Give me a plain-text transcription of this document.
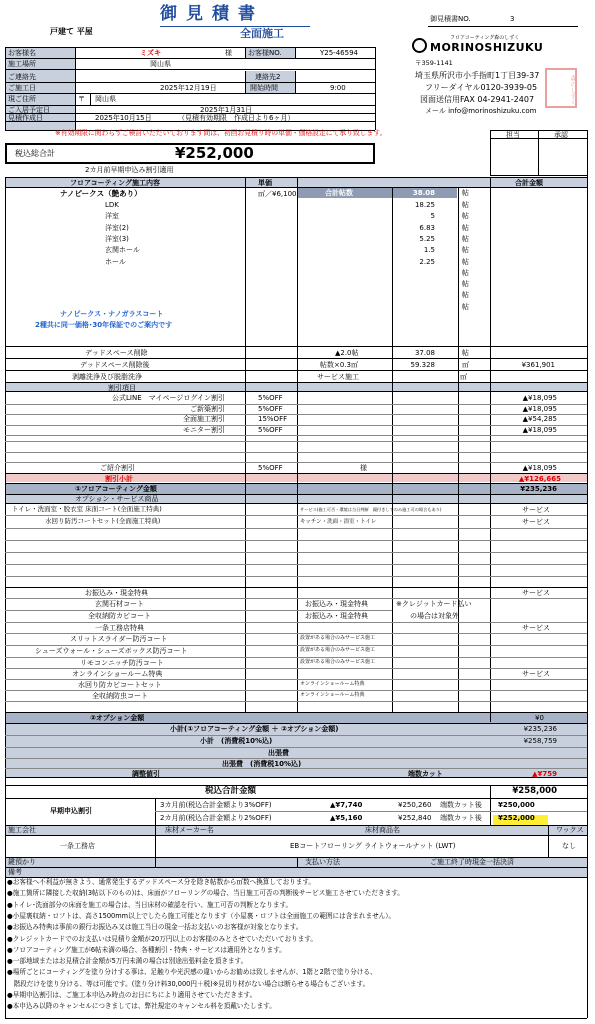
御見積書NO.	3
御見積書
戸建て 平屋	全面施工
お客様名	ミズキ	様 お客様NO.	Y25-46594
施工場所	岡山県
ご連絡先	連絡先2
ご施工日	2025年12月19日	開始時間	9:00
現ご住所	〒 岡山県
ご入居予定日	2025年1月31日
見積作成日	2025年10月15日	（見積有効期限　作成日より6ヶ月）
フロアコーティング森のしずく
MORINOSHIZUKU
〒359-1141
埼玉県所沢市小手指町1丁目39-37
フリーダイヤル0120-3939-05
図面送信用FAX 04-2941-2407
メール info@morinoshizuku.com
森のしずく
※有効期限に関わらずご検討いただいております間は、初回お見積り時の単価・価格設定にて承り致します。	担当	承認
税込総合計	¥252,000
2カ月前早期申込み割引適用
フロアコーティング施工内容	単価	合計金額
ナノピークス（艶あり）	㎡／¥6,100	合計帖数	38.08	帖
LDK	18.25	帖
洋室	5	帖
洋室(2)	6.83	帖
洋室(3)	5.25	帖
玄関ホール	1.5	帖
ホール	2.25	帖
帖
帖
帖
帖
ナノピークス・ナノガラスコート
2種共に同一価格･30年保証でのご案内です
デッドスペース削除	▲2.0帖	37.08	帖
デッドスペース削除後	帖数×0.3㎡	59.328	㎡	¥361,901
剥離洗浄及び脱脂洗浄	サービス施工	㎡
割引項目
公式LINE　マイページログイン割引	5%OFF	▲¥18,095
ご新築割引	5%OFF	▲¥18,095
全面施工割引	15%OFF	▲¥54,285
モニター割引	5%OFF	▲¥18,095
ご紹介割引	5%OFF	様	▲¥18,095
割引小計	▲¥126,665
①フロアコーティング金額	¥235,236
オプション・サービス商品
トイレ・洗面室・脱衣室 床面コート(全面施工特典)	サービス(施工可否・環境は当日判断　鏡付きしでのみ施工可の場合もあり)	サービス
水回り防汚コートセット(全面施工特典)	キッチン・洗面・浴室・トイレ	サービス
お振込み・現金特典	サービス
玄関石材コート	お振込み・現金特典	※クレジットカード払い
全収納防カビコート	お振込み・現金特典	の場合は対象外
一条工務店特典	サービス
スリットスライダー防汚コート	設置がある場合のみサービス施工
シューズウォール・シューズボックス防汚コート	設置がある場合のみサービス施工
リモコンニッチ防汚コート	設置がある場合のみサービス施工
オンラインショールーム特典	サービス
水回り防カビコートセット	オンラインショールーム特典
全収納防虫コート	オンラインショールーム特典
②オプション金額	¥0
小計(①フロアコーティング金額 ＋ ②オプション金額)	¥235,236
小計　(消費税10%込)	¥258,759
出張費
出張費　(消費税10%込)
調整値引	端数カット	▲¥759
税込合計金額	¥258,000
早期申込割引
3カ月前(税込合計金額より3%OFF)	▲¥7,740	¥250,260 端数カット後 ¥250,000
2カ月前(税込合計金額より2%OFF)	▲¥5,160	¥252,840 端数カット後 ¥252,000
施工会社	床材メーカー名	床材商品名	ワックス
一条工務店	EBコートフローリング ライトウォールナット (LWT)	なし
鍵預かり	支払い方法	ご施工終了時現金一括決済
備考
●お客様へ不利益が無きよう、通常発生するデッドスペース分を除き帖数から㎡数へ換算しております。
●施工箇所に隣接した収納(3帖以下のもの)は、床面がフローリングの場合、当日施工可否の判断後サービス施工させていただきます。
●トイレ･洗面部分の床面を施工の場合は、当日床材の確認を行い、施工可否の判断となります。
●小屋裏収納・ロフトは、高さ1500mm以上でしたら施工可能となります（小屋裏・ロフトは全面施工の範囲には含まれません）。
●お振込み特典は事前の銀行お振込み又は施工当日の現金一括お支払いのお客様が対象となります。
●クレジットカードでのお支払いは見積り金額が20万円以上のお客様のみとさせていただいております。
●フロアコーティング施工が6帖未満の場合、各種割引・特典・サービスは適用外となります。
●一部地域またはお見積合計金額が5万円未満の場合は別途出張料金を頂きます。
●場所ごとにコーティングを塗り分けする事は、足触りや光沢感の違いからお勧めは致しませんが、1階と2階で塗り分ける、
　階段だけを塗り分ける、等は可能です。(塗り分け料30,000円＋税)※見切り材がない場合は断らせる場合もございます。
●早期申込割引は、ご施工本申込み時点のお日にちにより適用させていただきます。
●本申込み以降のキャンセルにつきましては、弊社規定のキャンセル料を頂戴いたします。
